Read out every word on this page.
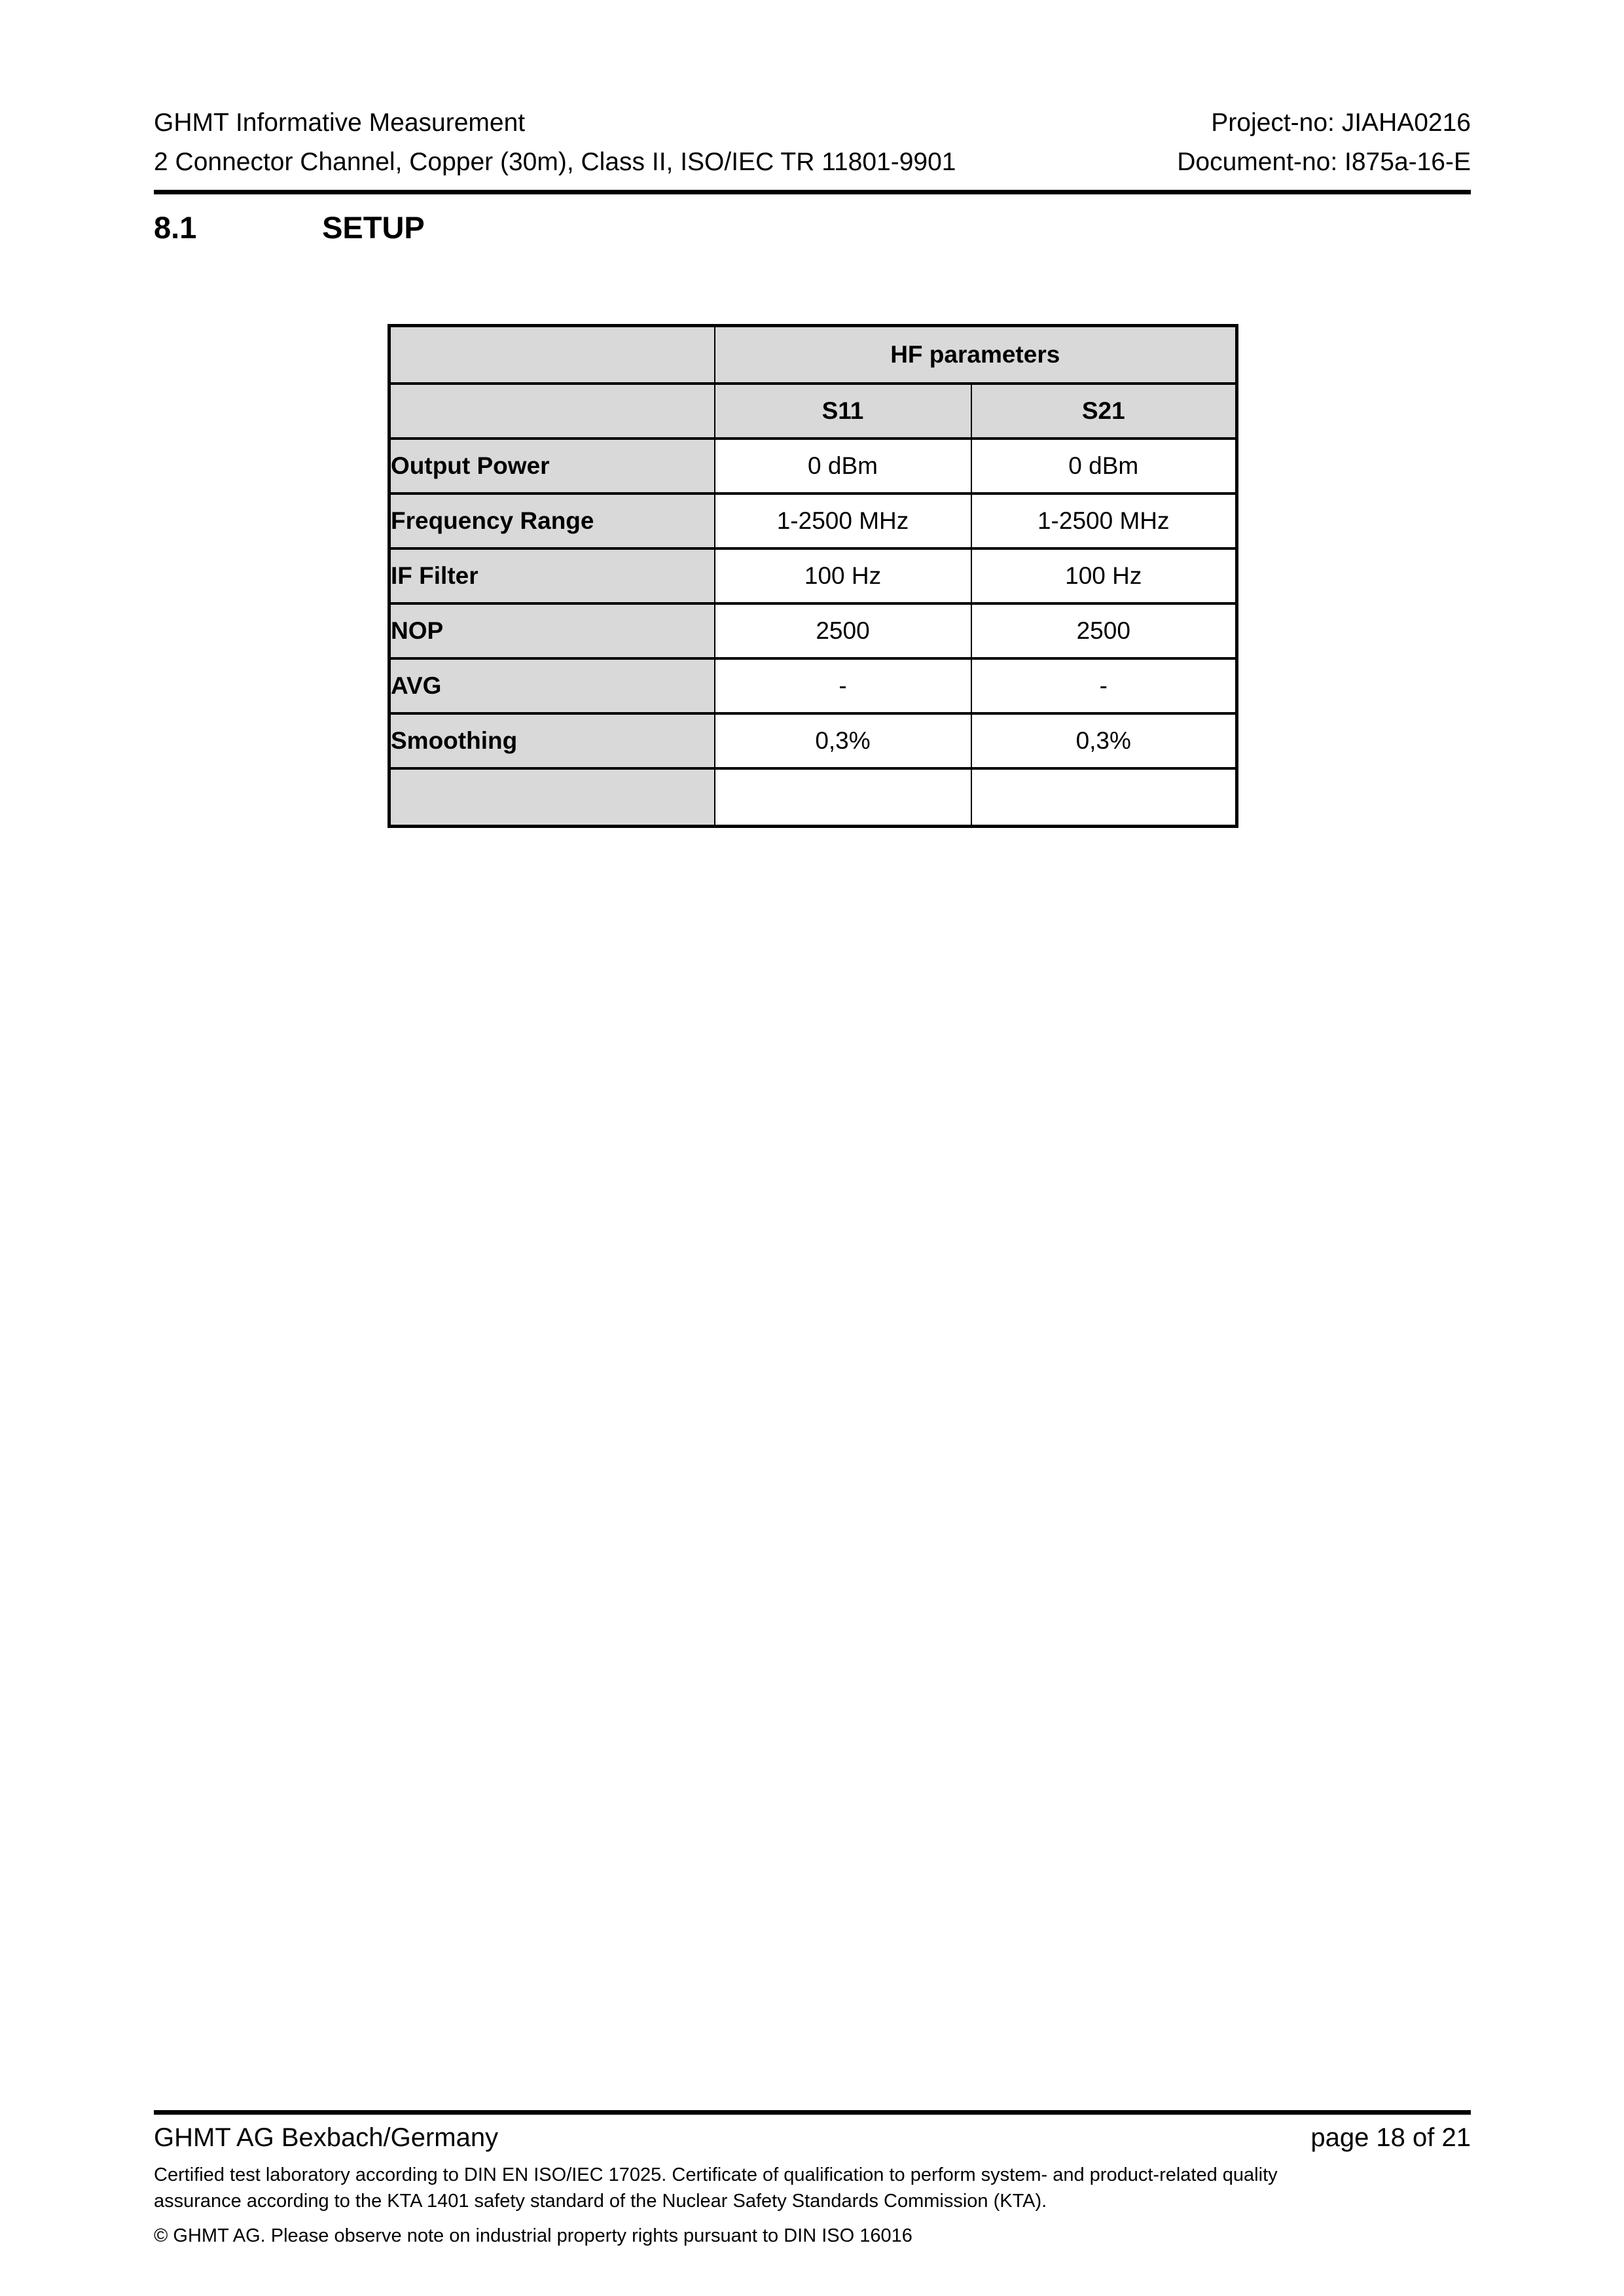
GHMT Informative Measurement	Project-no: JIAHA0216
2 Connector Channel, Copper (30m), Class II, ISO/IEC TR 11801-9901	Document-no: I875a-16-E
8.1	SETUP
	HF parameters	
	S11	S21
Output Power	0 dBm	0 dBm
Frequency Range	1-2500 MHz	1-2500 MHz
IF Filter	100 Hz	100 Hz
NOP	2500	2500
AVG	-	-
Smoothing	0,3%	0,3%

GHMT AG Bexbach/Germany	page 18 of 21
Certified test laboratory according to DIN EN ISO/IEC 17025. Certificate of qualification to perform system- and product-related quality
assurance according to the KTA 1401 safety standard of the Nuclear Safety Standards Commission (KTA).
© GHMT AG. Please observe note on industrial property rights pursuant to DIN ISO 16016
